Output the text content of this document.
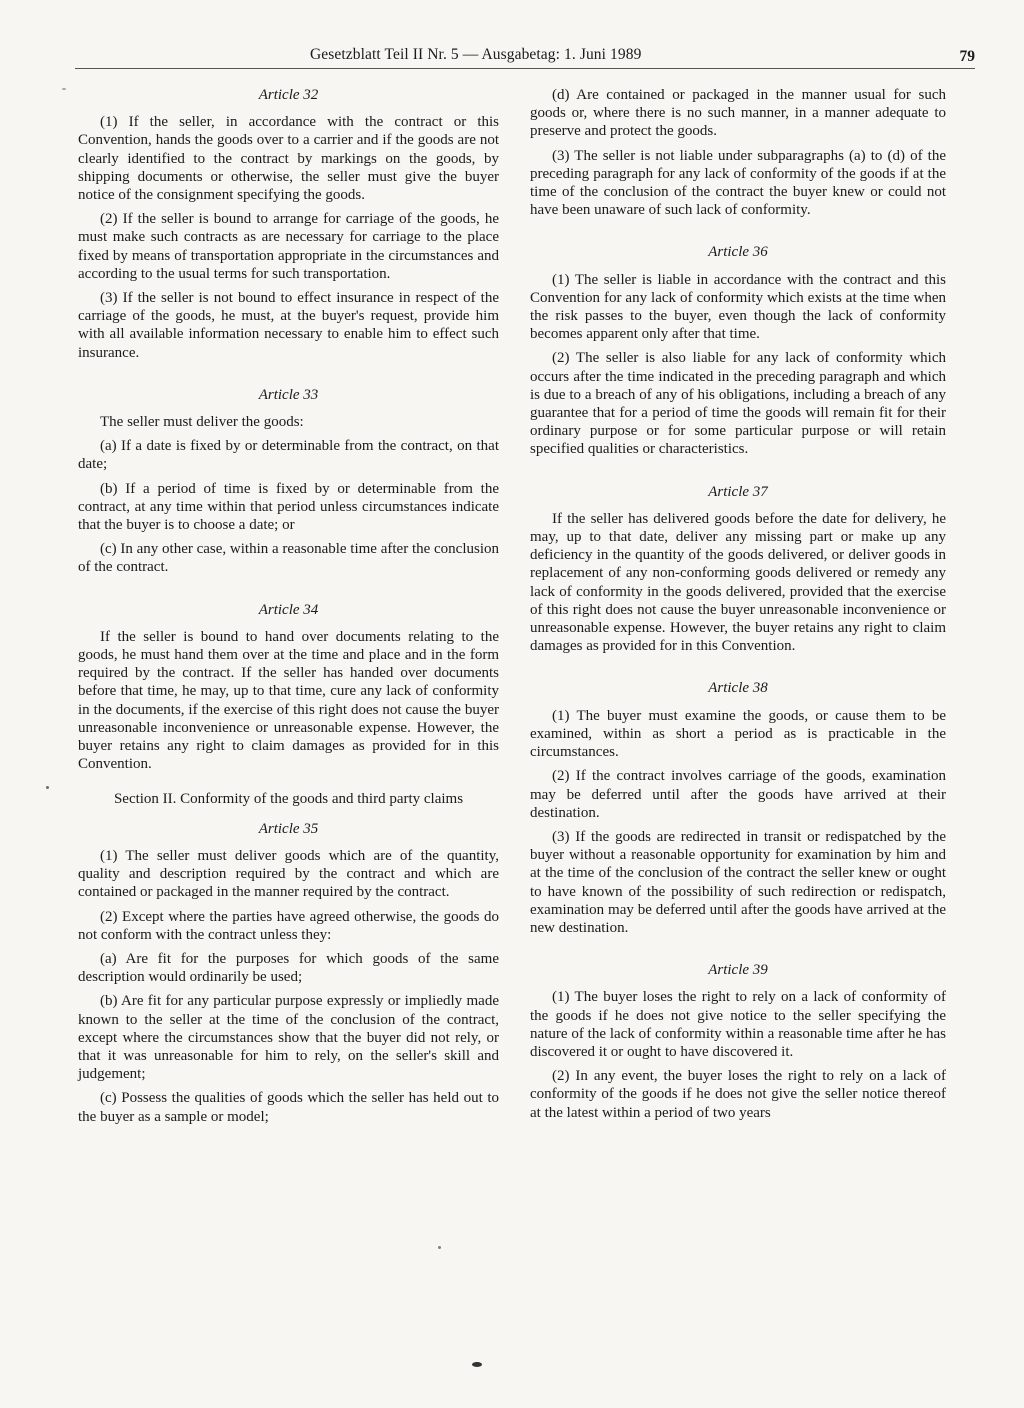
Gesetzblatt Teil II Nr. 5 — Ausgabetag: 1. Juni 1989	79
Article 32

(1) If the seller, in accordance with the contract or this Convention, hands the goods over to a carrier and if the goods are not clearly identified to the contract by markings on the goods, by shipping documents or otherwise, the seller must give the buyer notice of the consignment specifying the goods.

(2) If the seller is bound to arrange for carriage of the goods, he must make such contracts as are necessary for carriage to the place fixed by means of transportation appropriate in the circumstances and according to the usual terms for such transportation.

(3) If the seller is not bound to effect insurance in respect of the carriage of the goods, he must, at the buyer's request, provide him with all available information necessary to enable him to effect such insurance.

Article 33

The seller must deliver the goods:

(a) If a date is fixed by or determinable from the contract, on that date;

(b) If a period of time is fixed by or determinable from the contract, at any time within that period unless circumstances indicate that the buyer is to choose a date; or

(c) In any other case, within a reasonable time after the conclusion of the contract.

Article 34

If the seller is bound to hand over documents relating to the goods, he must hand them over at the time and place and in the form required by the contract. If the seller has handed over documents before that time, he may, up to that time, cure any lack of conformity in the documents, if the exercise of this right does not cause the buyer unreasonable inconvenience or unreasonable expense. However, the buyer retains any right to claim damages as provided for in this Convention.

Section II. Conformity of the goods and third party claims
Article 35

(1) The seller must deliver goods which are of the quantity, quality and description required by the contract and which are contained or packaged in the manner required by the contract.

(2) Except where the parties have agreed otherwise, the goods do not conform with the contract unless they:

(a) Are fit for the purposes for which goods of the same description would ordinarily be used;

(b) Are fit for any particular purpose expressly or impliedly made known to the seller at the time of the conclusion of the contract, except where the circumstances show that the buyer did not rely, or that it was unreasonable for him to rely, on the seller's skill and judgement;

(c) Possess the qualities of goods which the seller has held out to the buyer as a sample or model;

(d) Are contained or packaged in the manner usual for such goods or, where there is no such manner, in a manner adequate to preserve and protect the goods.

(3) The seller is not liable under subparagraphs (a) to (d) of the preceding paragraph for any lack of conformity of the goods if at the time of the conclusion of the contract the buyer knew or could not have been unaware of such lack of conformity.

Article 36

(1) The seller is liable in accordance with the contract and this Convention for any lack of conformity which exists at the time when the risk passes to the buyer, even though the lack of conformity becomes apparent only after that time.

(2) The seller is also liable for any lack of conformity which occurs after the time indicated in the preceding paragraph and which is due to a breach of any of his obligations, including a breach of any guarantee that for a period of time the goods will remain fit for their ordinary purpose or for some particular purpose or will retain specified qualities or characteristics.

Article 37

If the seller has delivered goods before the date for delivery, he may, up to that date, deliver any missing part or make up any deficiency in the quantity of the goods delivered, or deliver goods in replacement of any non-conforming goods delivered or remedy any lack of conformity in the goods delivered, provided that the exercise of this right does not cause the buyer unreasonable inconvenience or unreasonable expense. However, the buyer retains any right to claim damages as provided for in this Convention.

Article 38

(1) The buyer must examine the goods, or cause them to be examined, within as short a period as is practicable in the circumstances.

(2) If the contract involves carriage of the goods, examination may be deferred until after the goods have arrived at their destination.

(3) If the goods are redirected in transit or redispatched by the buyer without a reasonable opportunity for examination by him and at the time of the conclusion of the contract the seller knew or ought to have known of the possibility of such redirection or redispatch, examination may be deferred until after the goods have arrived at the new destination.

Article 39

(1) The buyer loses the right to rely on a lack of conformity of the goods if he does not give notice to the seller specifying the nature of the lack of conformity within a reasonable time after he has discovered it or ought to have discovered it.

(2) In any event, the buyer loses the right to rely on a lack of conformity of the goods if he does not give the seller notice thereof at the latest within a period of two years
